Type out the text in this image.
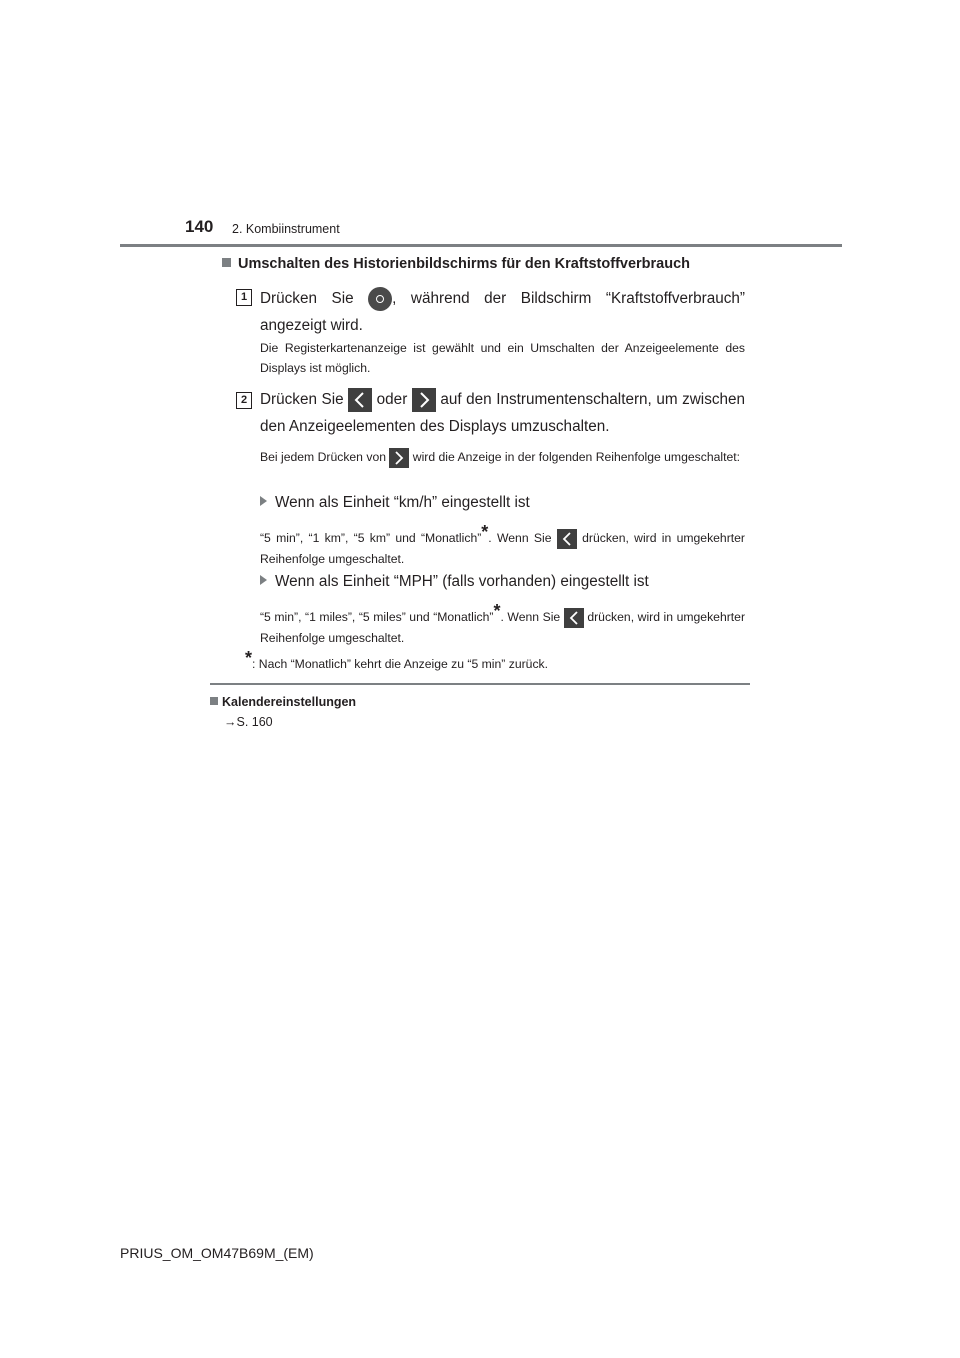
140 2. Kombiinstrument
Umschalten des Historienbildschirms für den Kraftstoffverbrauch
1 Drücken Sie	, während der Bildschirm “Kraftstoffverbrauch” angezeigt wird.
Die Registerkartenanzeige ist gewählt und ein Umschalten der Anzeigeelemente des Displays ist möglich.
2 Drücken Sie oder auf den Instrumentenschaltern, um zwischen den Anzeigeelementen des Displays umzuschalten.
Bei jedem Drücken von wird die Anzeige in der folgenden Reihenfolge umgeschaltet:
Wenn als Einheit “km/h” eingestellt ist
“5 min”, “1 km”, “5 km” und “Monatlich”*. Wenn Sie	drücken, wird in umgekehrter Reihenfolge umgeschaltet.
Wenn als Einheit “MPH” (falls vorhanden) eingestellt ist
“5 min”, “1 miles”, “5 miles” und “Monatlich”*. Wenn Sie drücken, wird in umgekehrter Reihenfolge umgeschaltet.
*: Nach “Monatlich” kehrt die Anzeige zu “5 min” zurück.
Kalendereinstellungen
→S. 160
PRIUS_OM_OM47B69M_(EM)
